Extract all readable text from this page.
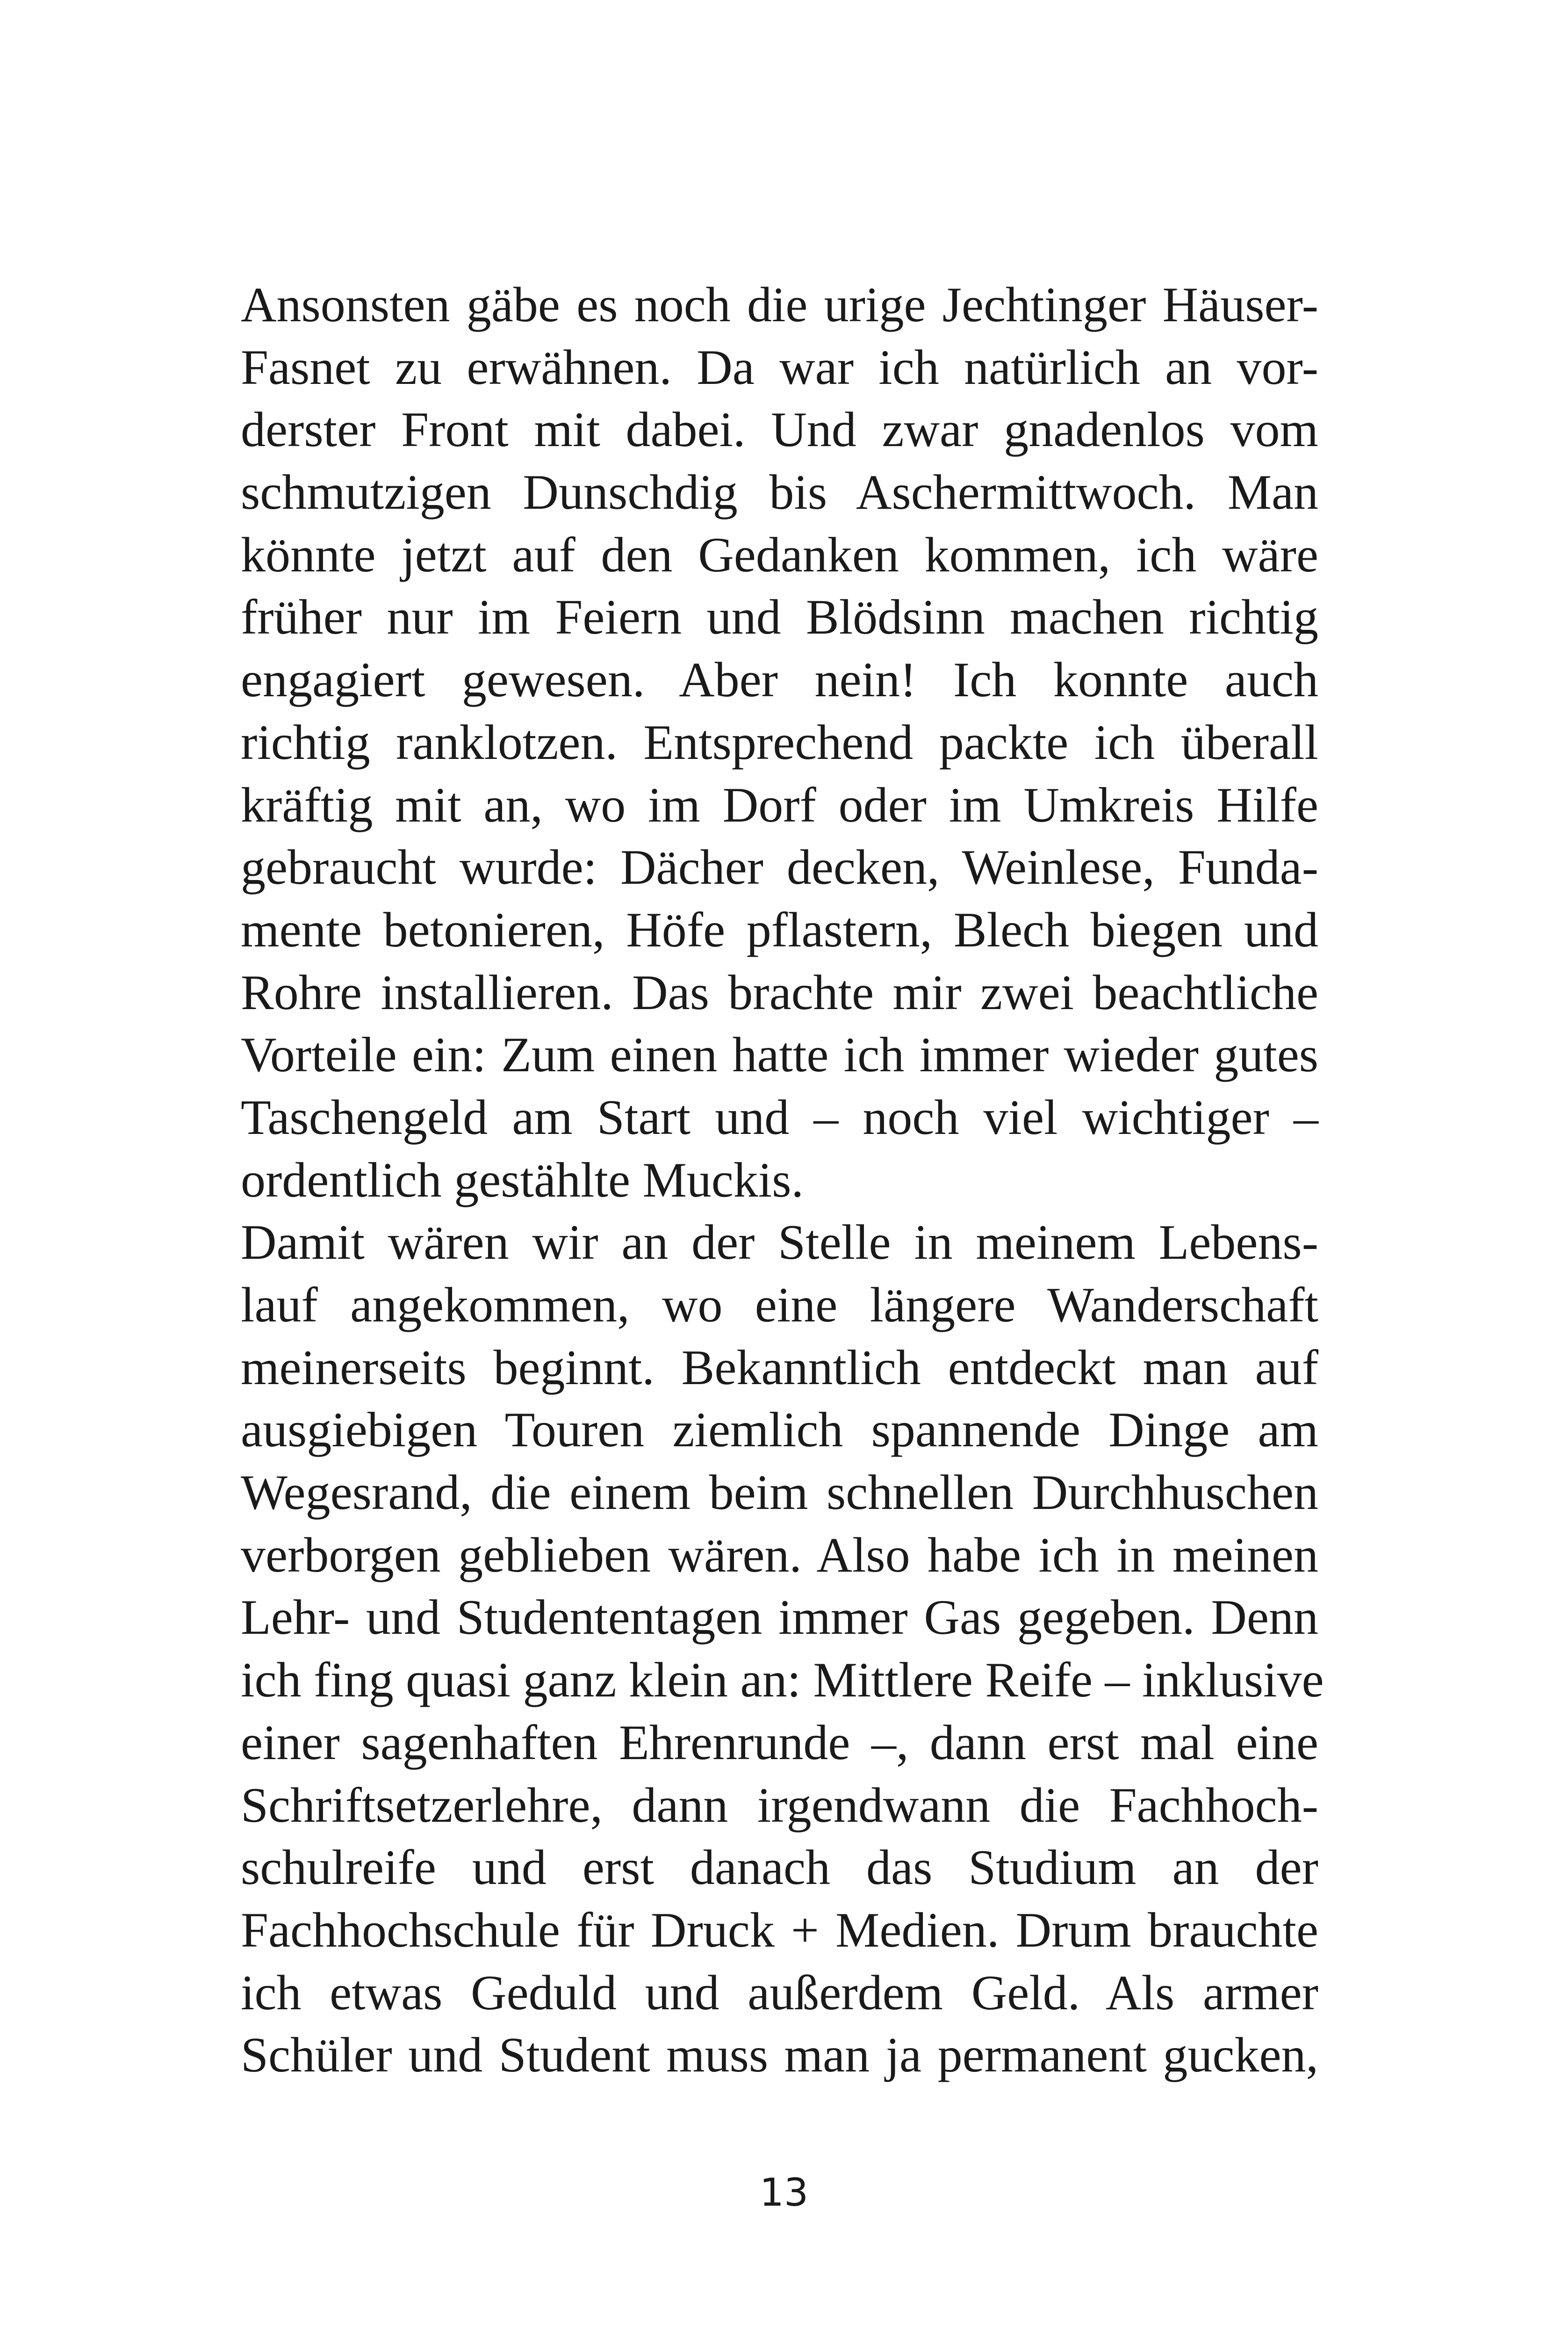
Ansonsten gäbe es noch die urige Jechtinger Häuser-
Fasnet zu erwähnen. Da war ich natürlich an vor-
derster Front mit dabei. Und zwar gnadenlos vom
schmutzigen Dunschdig bis Aschermittwoch. Man
könnte jetzt auf den Gedanken kommen, ich wäre
früher nur im Feiern und Blödsinn machen richtig
engagiert gewesen. Aber nein! Ich konnte auch
richtig ranklotzen. Entsprechend packte ich überall
kräftig mit an, wo im Dorf oder im Umkreis Hilfe
gebraucht wurde: Dächer decken, Weinlese, Funda-
mente betonieren, Höfe pflastern, Blech biegen und
Rohre installieren. Das brachte mir zwei beachtliche
Vorteile ein: Zum einen hatte ich immer wieder gutes
Taschengeld am Start und – noch viel wichtiger –
ordentlich gestählte Muckis.
Damit wären wir an der Stelle in meinem Lebens-
lauf angekommen, wo eine längere Wanderschaft
meinerseits beginnt. Bekanntlich entdeckt man auf
ausgiebigen Touren ziemlich spannende Dinge am
Wegesrand, die einem beim schnellen Durchhuschen
verborgen geblieben wären. Also habe ich in meinen
Lehr- und Studententagen immer Gas gegeben. Denn
ich fing quasi ganz klein an: Mittlere Reife – inklusive
einer sagenhaften Ehrenrunde –, dann erst mal eine
Schriftsetzerlehre, dann irgendwann die Fachhoch-
schulreife und erst danach das Studium an der
Fachhochschule für Druck + Medien. Drum brauchte
ich etwas Geduld und außerdem Geld. Als armer
Schüler und Student muss man ja permanent gucken,
13
